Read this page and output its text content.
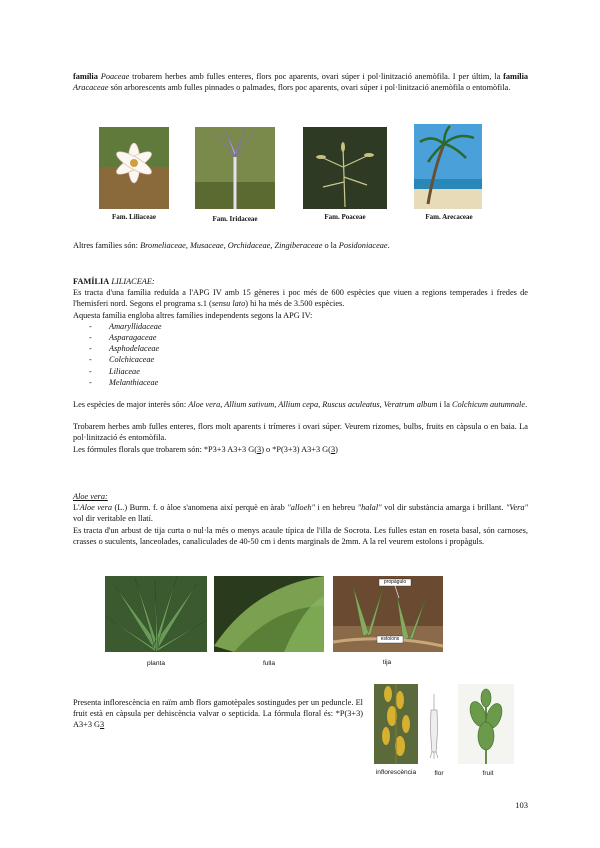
família Poaceae trobarem herbes amb fulles enteres, flors poc aparents, ovari súper i pol·linització anemòfila. I per últim, la família Aracaceae són arborescents amb fulles pinnades o palmades, flors poc aparents, ovari súper i pol·linització anemòfila o entomòfila.

Fam. Liliaceae	Fam. Iridaceae	Fam. Poaceae	Fam. Arecaceae

Altres famílies són: Bromeliaceae, Musaceae, Orchidaceae, Zingiberaceae o la Posidoniaceae.

FAMÍLIA LILIACEAE:

Es tracta d'una família reduïda a l'APG IV amb 15 gèneres i poc més de 600 espècies que viuen a regions temperades i fredes de l'hemisferi nord. Segons el programa s.1 (sensu lato) hi ha més de 3.500 espècies.

Aquesta família engloba altres famílies independents segons la APG IV:

- Amaryllidaceae
- Asparagaceae
- Asphodelaceae
- Colchicaceae
- Liliaceae
- Melanthiaceae

Les espècies de major interès són: Aloe vera, Allium sativum, Allium cepa, Ruscus aculeatus, Veratrum album i la Colchicum autumnale.

Trobarem herbes amb fulles enteres, flors molt aparents i trímeres i ovari súper. Veurem rizomes, bulbs, fruits en càpsula o en baia. La pol·linització és entomòfila.

Les fórmules florals que trobarem són: *P3+3 A3+3 G(3) o *P(3+3) A3+3 G(3)

Aloe vera:

L'Aloe vera (L.) Burm. f. o àloe s'anomena així perquè en àrab "alloeh" i en hebreu "halal" vol dir substància amarga i brillant. "Vera" vol dir veritable en llatí.

Es tracta d'un arbust de tija curta o nul·la més o menys acaule típica de l'illa de Socrota. Les fulles estan en roseta basal, són carnoses, crasses o suculents, lanceolades, canaliculades de 40-50 cm i dents marginals de 2mm. A la rel veurem estolons i propàguls.

propàgulo
estolons
planta	fulla	tija

Presenta inflorescència en raïm amb flors gamotèpales sostingudes per un peduncle. El fruit està en càpsula per dehiscència valvar o septicida. La fórmula floral és: *P(3+3) A3+3 G3

inflorescència	flor	fruit
103
